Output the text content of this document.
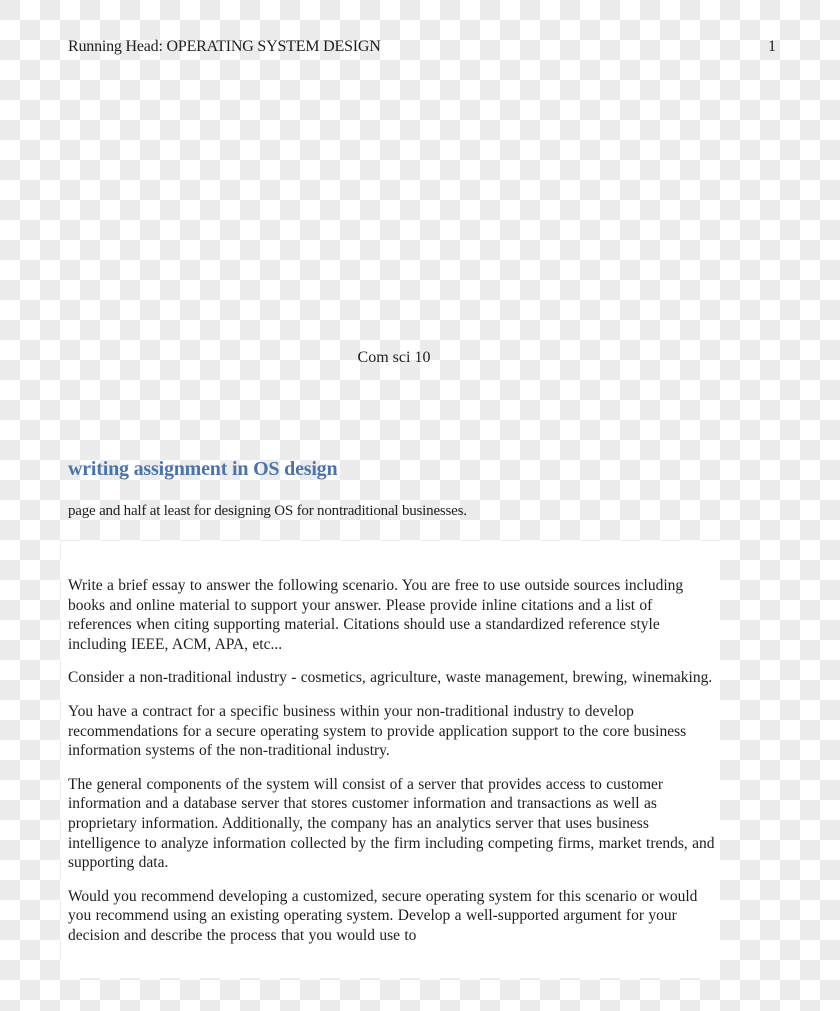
Running Head: OPERATING SYSTEM DESIGN	1
Com sci 10
writing assignment in OS design
page and half at least for designing OS for nontraditional businesses.

Write a brief essay to answer the following scenario. You are free to use outside sources including books and online material to support your answer. Please provide inline citations and a list of references when citing supporting material. Citations should use a standardized reference style including IEEE, ACM, APA, etc...

Consider a non-traditional industry - cosmetics, agriculture, waste management, brewing, winemaking.

You have a contract for a specific business within your non-traditional industry to develop recommendations for a secure operating system to provide application support to the core business information systems of the non-traditional industry.

The general components of the system will consist of a server that provides access to customer information and a database server that stores customer information and transactions as well as proprietary information. Additionally, the company has an analytics server that uses business intelligence to analyze information collected by the firm including competing firms, market trends, and supporting data.

Would you recommend developing a customized, secure operating system for this scenario or would you recommend using an existing operating system. Develop a well-supported argument for your decision and describe the process that you would use to
